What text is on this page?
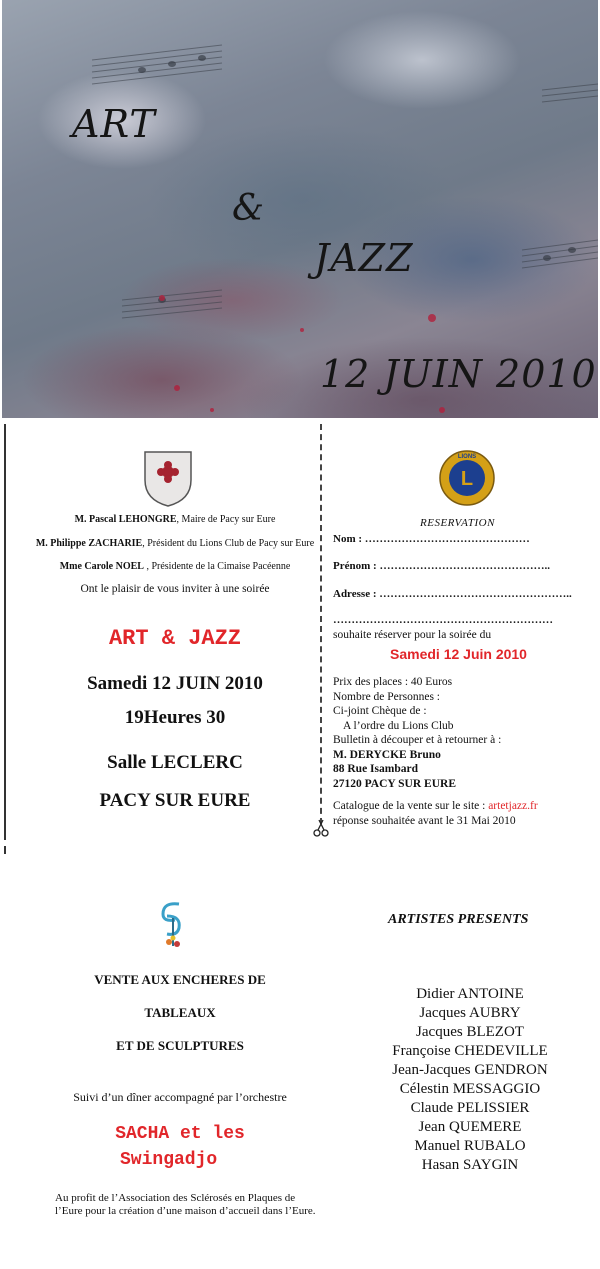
ART
&
JAZZ
12 JUIN 2010
M. Pascal LEHONGRE, Maire de Pacy sur Eure
M. Philippe ZACHARIE, Président du Lions Club de Pacy sur Eure
Mme Carole NOEL , Présidente de la Cimaise Pacéenne
Ont le plaisir de vous inviter à une soirée
ART & JAZZ
Samedi 12 JUIN 2010
19Heures 30
Salle LECLERC
PACY SUR EURE
L
LIONS
RESERVATION
Nom : ………………………………………
Prénom : ………………………………………..
Adresse : ……………………………………………..
……………………………………………………
souhaite réserver pour la soirée du
Samedi 12 Juin 2010
Prix des places : 40 Euros
Nombre de Personnes :
Ci-joint Chèque de :
A l’ordre du Lions Club
Bulletin à découper et à retourner à :
M. DERYCKE Bruno
88 Rue Isambard
27120 PACY SUR EURE
Catalogue de la vente sur le site : artetjazz.fr
réponse souhaitée avant le 31 Mai 2010
VENTE AUX ENCHERES DE
TABLEAUX
ET DE SCULPTURES
Suivi d’un dîner accompagné par l’orchestre
SACHA et les
Swingadjo
Au profit de l’Association des Sclérosés en Plaques de l’Eure pour la création d’une maison d’accueil dans l’Eure.
ARTISTES PRESENTS
Didier ANTOINE
Jacques AUBRY
Jacques BLEZOT
Françoise CHEDEVILLE
Jean-Jacques GENDRON
Célestin MESSAGGIO
Claude PELISSIER
Jean QUEMERE
Manuel RUBALO
Hasan SAYGIN
